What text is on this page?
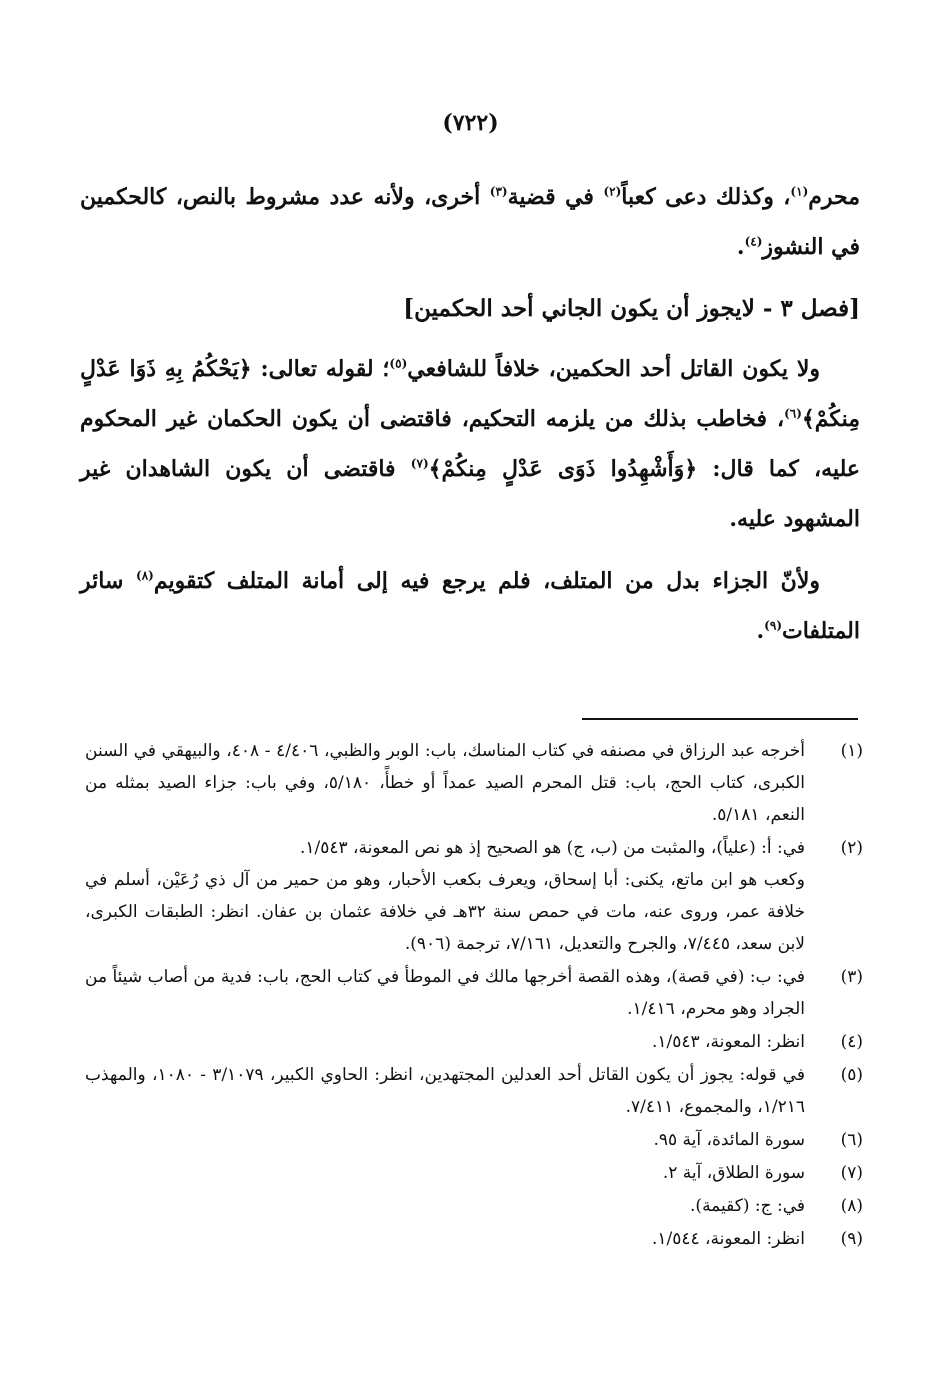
(٧٢٢)

محرم$^{(١)}$، وكذلك دعى كعباً$^{(٢)}$ في قضية$^{(٣)}$ أخرى، ولأنه عدد مشروط بالنص، كالحكمين في النشوز$^{(٤)}$.

[فصل ٣ - لايجوز أن يكون الجاني أحد الحكمين]

ولا يكون القاتل أحد الحكمين، خلافاً للشافعي$^{(٥)}$؛ لقوله تعالى: ﴿يَحْكُمُ بِهِ ذَوَا عَدْلٍ مِنكُمْ﴾$^{(٦)}$، فخاطب بذلك من يلزمه التحكيم، فاقتضى أن يكون الحكمان غير المحكوم عليه، كما قال: ﴿وَأَشْهِدُوا ذَوَى عَدْلٍ مِنكُمْ﴾$^{(٧)}$ فاقتضى أن يكون الشاهدان غير المشهود عليه.

ولأنّ الجزاء بدل من المتلف، فلم يرجع فيه إلى أمانة المتلف كتقويم$^{(٨)}$ سائر المتلفات$^{(٩)}$.

(١)

أخرجه عبد الرزاق في مصنفه في كتاب المناسك، باب: الوبر والظبي، ٤/٤٠٦ - ٤٠٨، والبيهقي في السنن الكبرى، كتاب الحج، باب: قتل المحرم الصيد عمداً أو خطأً، ٥/١٨٠، وفي باب: جزاء الصيد بمثله من النعم، ٥/١٨١.

(٢)

في: أ: (علياً)، والمثبت من (ب، ج) هو الصحيح إذ هو نص المعونة، ١/٥٤٣.

وكعب هو ابن ماتع، يكنى: أبا إسحاق، ويعرف بكعب الأحبار، وهو من حمير من آل ذي رُعَيْن، أسلم في خلافة عمر، وروى عنه، مات في حمص سنة ٣٢هـ في خلافة عثمان بن عفان. انظر: الطبقات الكبرى، لابن سعد، ٧/٤٤٥، والجرح والتعديل، ٧/١٦١، ترجمة (٩٠٦).

(٣)

في: ب: (في قصة)، وهذه القصة أخرجها مالك في الموطأ في كتاب الحج، باب: فدية من أصاب شيئاً من الجراد وهو محرم، ١/٤١٦.

(٤)

انظر: المعونة، ١/٥٤٣.

(٥)

في قوله: يجوز أن يكون القاتل أحد العدلين المجتهدين، انظر: الحاوي الكبير، ٣/١٠٧٩ - ١٠٨٠، والمهذب ١/٢١٦، والمجموع، ٧/٤١١.

(٦)

سورة المائدة، آية ٩٥.

(٧)

سورة الطلاق، آية ٢.

(٨)

في: ج: (كقيمة).

(٩)

انظر: المعونة، ١/٥٤٤.
